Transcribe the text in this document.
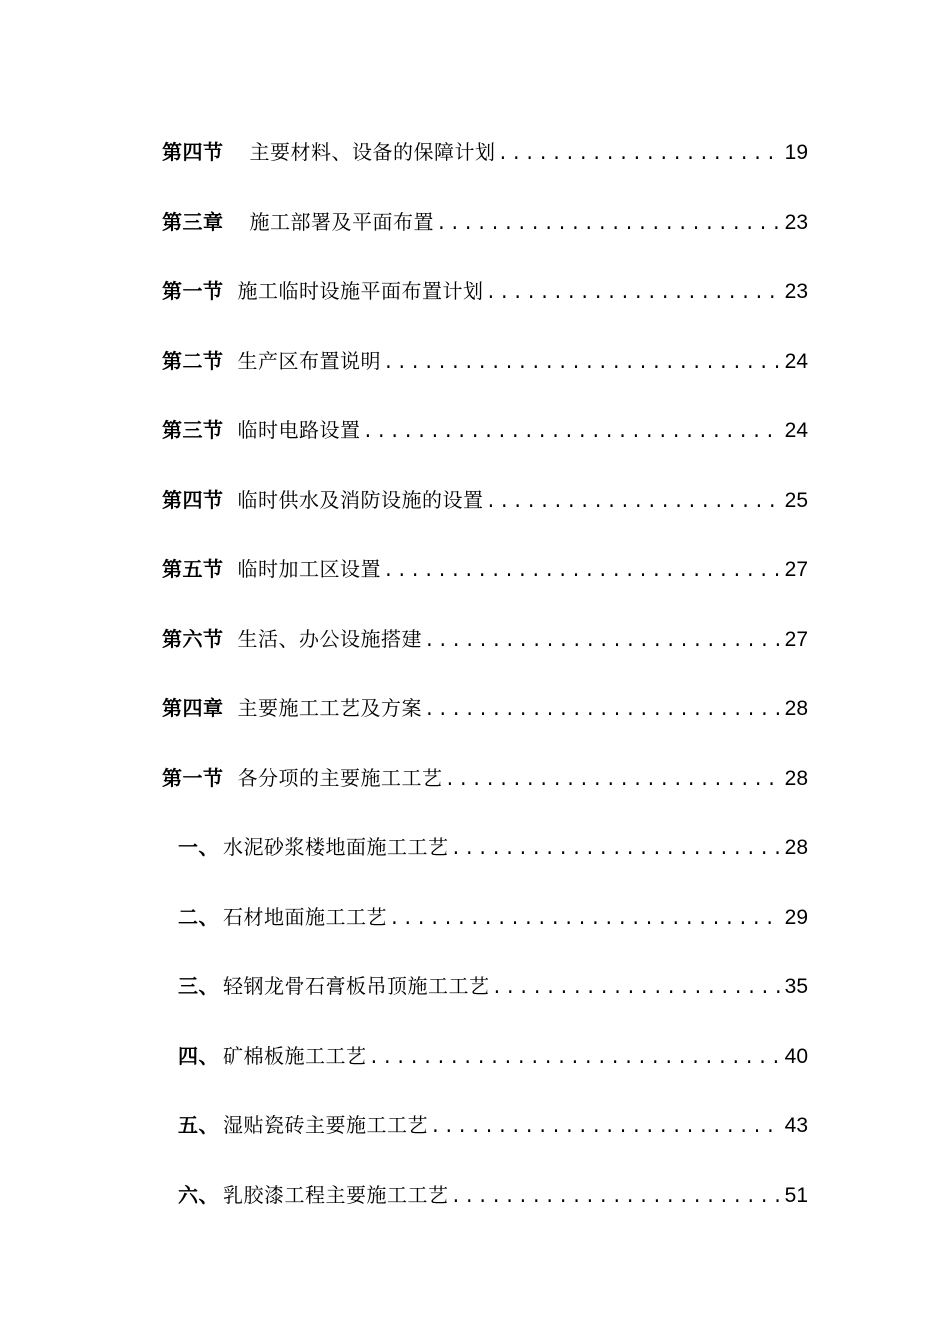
第四节 主要材料、设备的保障计划 .....	19
第三章 施工部署及平面布置 .....	23
第一节 施工临时设施平面布置计划 .....	23
第二节 生产区布置说明 .....	24
第三节 临时电路设置 .....	24
第四节 临时供水及消防设施的设置 .....	25
第五节 临时加工区设置 .....	27
第六节 生活、办公设施搭建 .....	27
第四章 主要施工工艺及方案 .....	28
第一节 各分项的主要施工工艺 .....	28
一、 水泥砂浆楼地面施工工艺 .....	28
二、 石材地面施工工艺 .....	29
三、 轻钢龙骨石膏板吊顶施工工艺 .....	35
四、 矿棉板施工工艺 .....	40
五、 湿贴瓷砖主要施工工艺 .....	43
六、 乳胶漆工程主要施工工艺 .....	51
